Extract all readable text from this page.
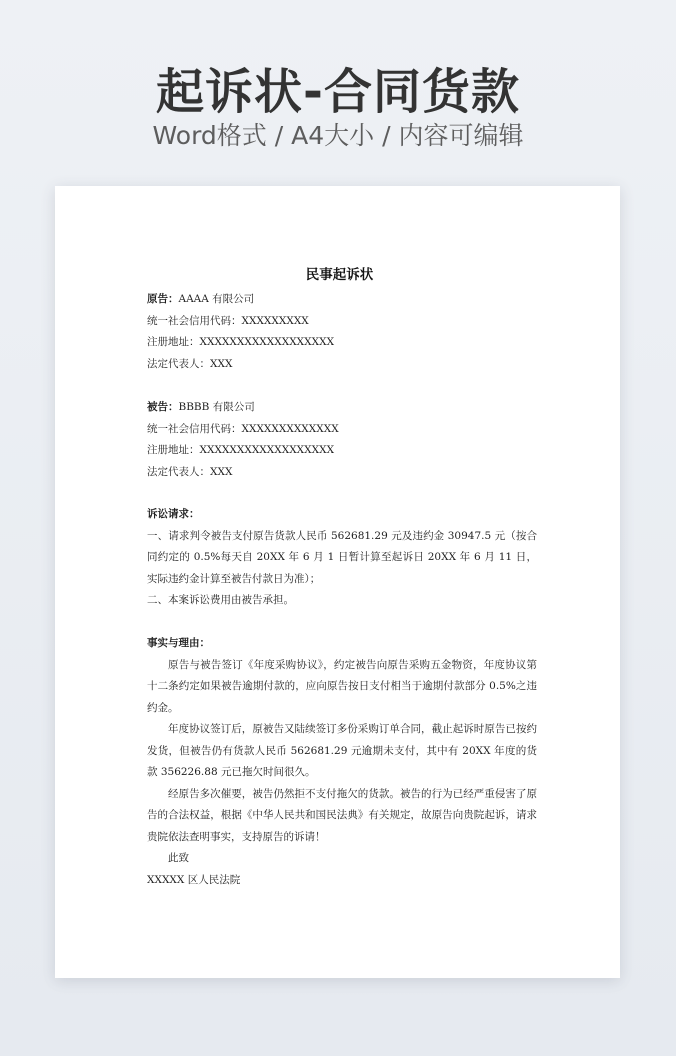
起诉状-合同货款
Word格式 / A4大小 / 内容可编辑
民事起诉状
原告：AAAA 有限公司
统一社会信用代码：XXXXXXXXX
注册地址：XXXXXXXXXXXXXXXXXX
法定代表人：XXX
被告：BBBB 有限公司
统一社会信用代码：XXXXXXXXXXXXX
注册地址：XXXXXXXXXXXXXXXXXX
法定代表人：XXX
诉讼请求：
一、请求判令被告支付原告货款人民币 562681.29 元及违约金 30947.5 元（按合同约定的 0.5%每天自 20XX 年 6 月 1 日暂计算至起诉日 20XX 年 6 月 11 日，实际违约金计算至被告付款日为准）；
二、本案诉讼费用由被告承担。
事实与理由：
原告与被告签订《年度采购协议》，约定被告向原告采购五金物资，年度协议第十二条约定如果被告逾期付款的，应向原告按日支付相当于逾期付款部分 0.5%之违约金。
年度协议签订后，原被告又陆续签订多份采购订单合同，截止起诉时原告已按约发货，但被告仍有货款人民币 562681.29 元逾期未支付，其中有 20XX 年度的货款 356226.88 元已拖欠时间很久。
经原告多次催要，被告仍然拒不支付拖欠的货款。被告的行为已经严重侵害了原告的合法权益，根据《中华人民共和国民法典》有关规定，故原告向贵院起诉，请求贵院依法查明事实，支持原告的诉请！
此致
XXXXX 区人民法院
